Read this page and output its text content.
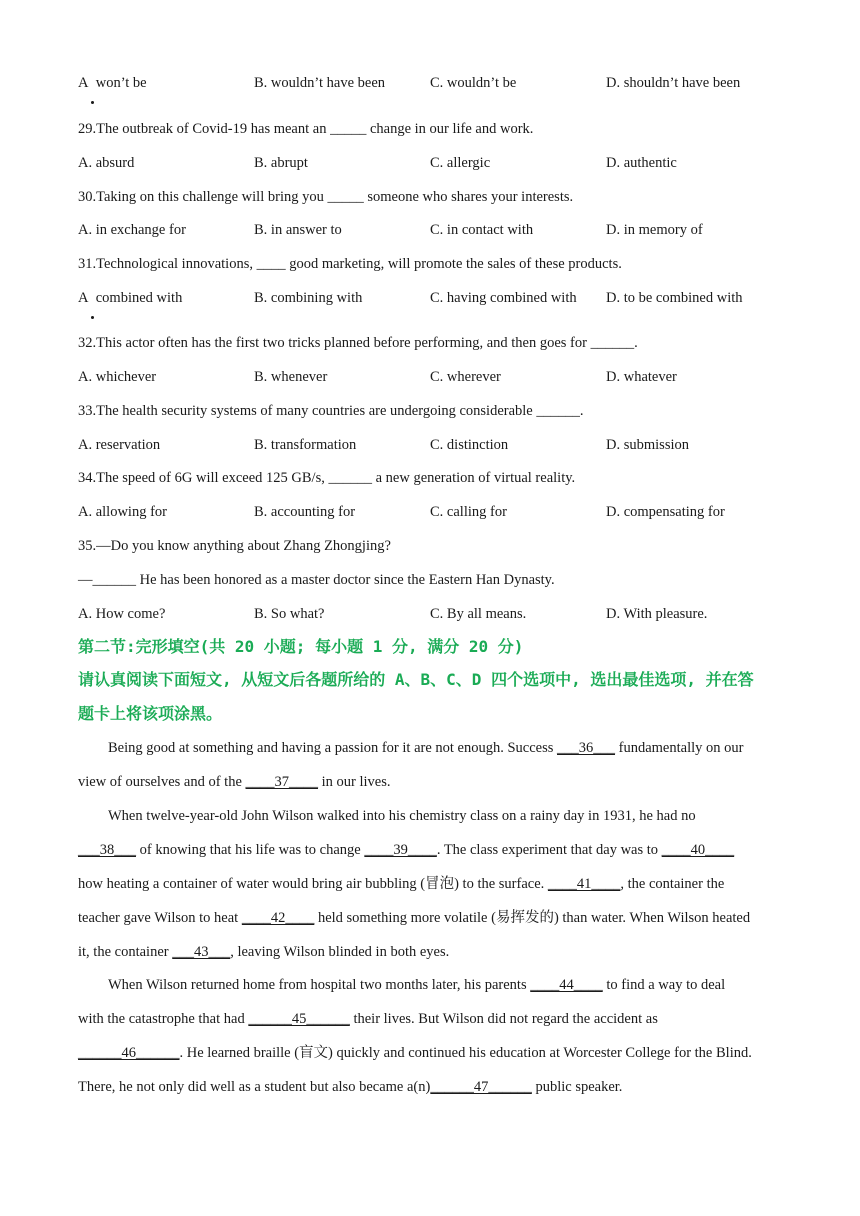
A won’t be	B. wouldn’t have been	C. wouldn’t be	D. shouldn’t have been
29.The outbreak of Covid-19 has meant an _____ change in our life and work.
A. absurd	B. abrupt	C. allergic	D. authentic
30.Taking on this challenge will bring you _____ someone who shares your interests.
A. in exchange for	B. in answer to	C. in contact with	D. in memory of
31.Technological innovations, ____ good marketing, will promote the sales of these products.
A combined with	B. combining with	C. having combined with D. to be combined with
32.This actor often has the first two tricks planned before performing, and then goes for ______.
A. whichever	B. whenever	C. wherever	D. whatever
33.The health security systems of many countries are undergoing considerable ______.
A. reservation	B. transformation	C. distinction	D. submission
34.The speed of 6G will exceed 125 GB/s, ______ a new generation of virtual reality.
A. allowing for	B. accounting for	C. calling for	D. compensating for
35.—Do you know anything about Zhang Zhongjing?
—______ He has been honored as a master doctor since the Eastern Han Dynasty.
A. How come?	B. So what?	C. By all means.	D. With pleasure.
第二节:完形填空(共 20 小题; 每小题 1 分, 满分 20 分)
请认真阅读下面短文, 从短文后各题所给的 A、B、C、D 四个选项中, 选出最佳选项, 并在答
题卡上将该项涂黑。
Being good at something and having a passion for it are not enough. Success ___36___ fundamentally on our
view of ourselves and of the ____37____ in our lives.
When twelve-year-old John Wilson walked into his chemistry class on a rainy day in 1931, he had no
___38___ of knowing that his life was to change ____39____. The class experiment that day was to ____40____
how heating a container of water would bring air bubbling (冒泡) to the surface. ____41____, the container the
teacher gave Wilson to heat ____42____ held something more volatile (易挥发的) than water. When Wilson heated
it, the container ___43___, leaving Wilson blinded in both eyes.
When Wilson returned home from hospital two months later, his parents ____44____ to find a way to deal
with the catastrophe that had ______45______ their lives. But Wilson did not regard the accident as
______46______. He learned braille (盲文) quickly and continued his education at Worcester College for the Blind.
There, he not only did well as a student but also became a(n)______47______ public speaker.
